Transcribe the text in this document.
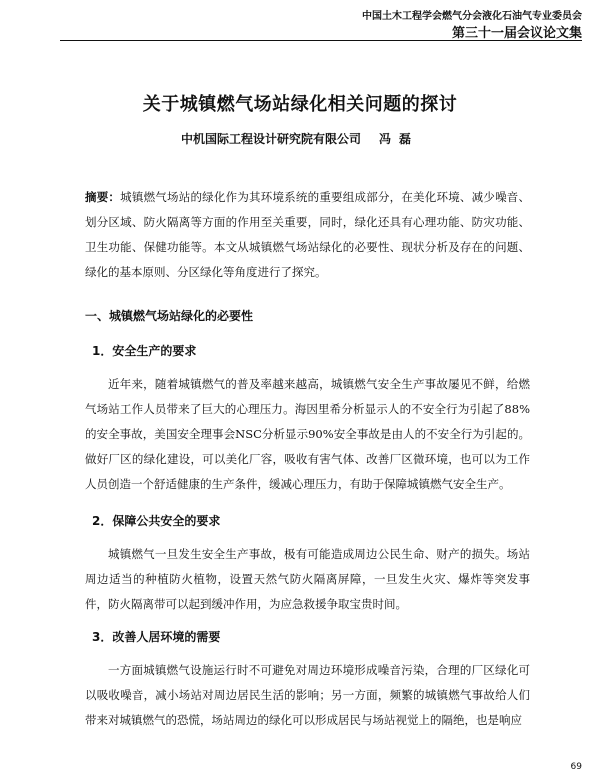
中国土木工程学会燃气分会液化石油气专业委员会
第三十一届会议论文集
关于城镇燃气场站绿化相关问题的探讨
中机国际工程设计研究院有限公司 冯磊
摘要：城镇燃气场站的绿化作为其环境系统的重要组成部分，在美化环境、减少噪音、划分区域、防火隔离等方面的作用至关重要，同时，绿化还具有心理功能、防灾功能、卫生功能、保健功能等。本文从城镇燃气场站绿化的必要性、现状分析及存在的问题、绿化的基本原则、分区绿化等角度进行了探究。
一、城镇燃气场站绿化的必要性
1．安全生产的要求
近年来，随着城镇燃气的普及率越来越高，城镇燃气安全生产事故屡见不鲜，给燃气场站工作人员带来了巨大的心理压力。海因里希分析显示人的不安全行为引起了88%的安全事故，美国安全理事会NSC分析显示90%安全事故是由人的不安全行为引起的。做好厂区的绿化建设，可以美化厂容，吸收有害气体、改善厂区微环境，也可以为工作人员创造一个舒适健康的生产条件，缓减心理压力，有助于保障城镇燃气安全生产。
2．保障公共安全的要求
城镇燃气一旦发生安全生产事故，极有可能造成周边公民生命、财产的损失。场站周边适当的种植防火植物，设置天然气防火隔离屏障，一旦发生火灾、爆炸等突发事件，防火隔离带可以起到缓冲作用，为应急救援争取宝贵时间。
3．改善人居环境的需要
一方面城镇燃气设施运行时不可避免对周边环境形成噪音污染，合理的厂区绿化可以吸收噪音，减小场站对周边居民生活的影响；另一方面，频繁的城镇燃气事故给人们带来对城镇燃气的恐慌，场站周边的绿化可以形成居民与场站视觉上的隔绝，也是响应
69
